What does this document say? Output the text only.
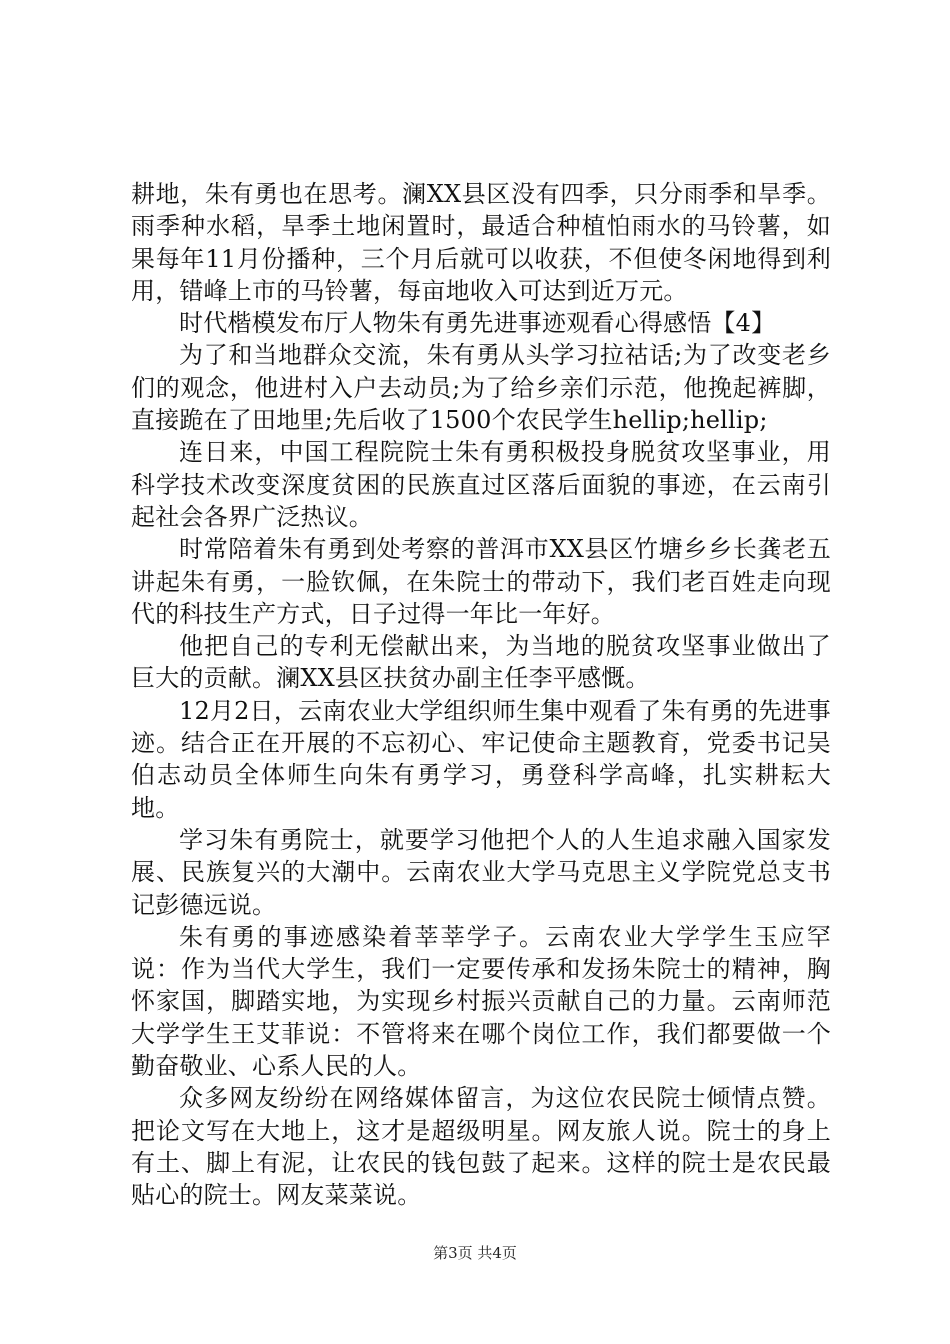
耕地，朱有勇也在思考。澜XX县区没有四季，只分雨季和旱季。雨季种水稻，旱季土地闲置时，最适合种植怕雨水的马铃薯，如果每年11月份播种，三个月后就可以收获，不但使冬闲地得到利用，错峰上市的马铃薯，每亩地收入可达到近万元。

时代楷模发布厅人物朱有勇先进事迹观看心得感悟【4】

为了和当地群众交流，朱有勇从头学习拉祜话;为了改变老乡们的观念，他进村入户去动员;为了给乡亲们示范，他挽起裤脚，直接跪在了田地里;先后收了1500个农民学生hellip;hellip;

连日来，中国工程院院士朱有勇积极投身脱贫攻坚事业，用科学技术改变深度贫困的民族直过区落后面貌的事迹，在云南引起社会各界广泛热议。

时常陪着朱有勇到处考察的普洱市XX县区竹塘乡乡长龚老五讲起朱有勇，一脸钦佩，在朱院士的带动下，我们老百姓走向现代的科技生产方式，日子过得一年比一年好。

他把自己的专利无偿献出来，为当地的脱贫攻坚事业做出了巨大的贡献。澜XX县区扶贫办副主任李平感慨。

12月2日，云南农业大学组织师生集中观看了朱有勇的先进事迹。结合正在开展的不忘初心、牢记使命主题教育，党委书记吴伯志动员全体师生向朱有勇学习，勇登科学高峰，扎实耕耘大地。

学习朱有勇院士，就要学习他把个人的人生追求融入国家发展、民族复兴的大潮中。云南农业大学马克思主义学院党总支书记彭德远说。

朱有勇的事迹感染着莘莘学子。云南农业大学学生玉应罕说：作为当代大学生，我们一定要传承和发扬朱院士的精神，胸怀家国，脚踏实地，为实现乡村振兴贡献自己的力量。云南师范大学学生王艾菲说：不管将来在哪个岗位工作，我们都要做一个勤奋敬业、心系人民的人。

众多网友纷纷在网络媒体留言，为这位农民院士倾情点赞。把论文写在大地上，这才是超级明星。网友旅人说。院士的身上有土、脚上有泥，让农民的钱包鼓了起来。这样的院士是农民最贴心的院士。网友菜菜说。

第3页 共4页
